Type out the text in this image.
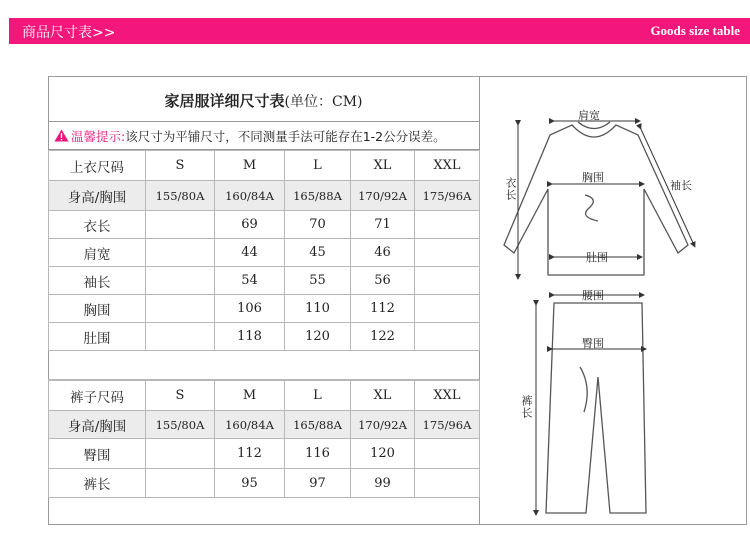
商品尺寸表>>	Goods size table
家居服详细尺寸表 (单位：CM)
温馨提示: 该尺寸为平铺尺寸，不同测量手法可能存在1-2公分误差。
上衣尺码	S	M	L	XL	XXL
身高/胸围	155/80A	160/84A	165/88A	170/92A	175/96A
衣长		69	70	71	
肩宽		44	45	46	
袖长		54	55	56	
胸围		106	110	112	
肚围		118	120	122	
裤子尺码	S	M	L	XL	XXL
身高/胸围	155/80A	160/84A	165/88A	170/92A	175/96A
臀围		112	116	120	
裤长		95	97	99	
肩宽
胸围
肚围
衣长	袖长
腰围
臀围
裤长
